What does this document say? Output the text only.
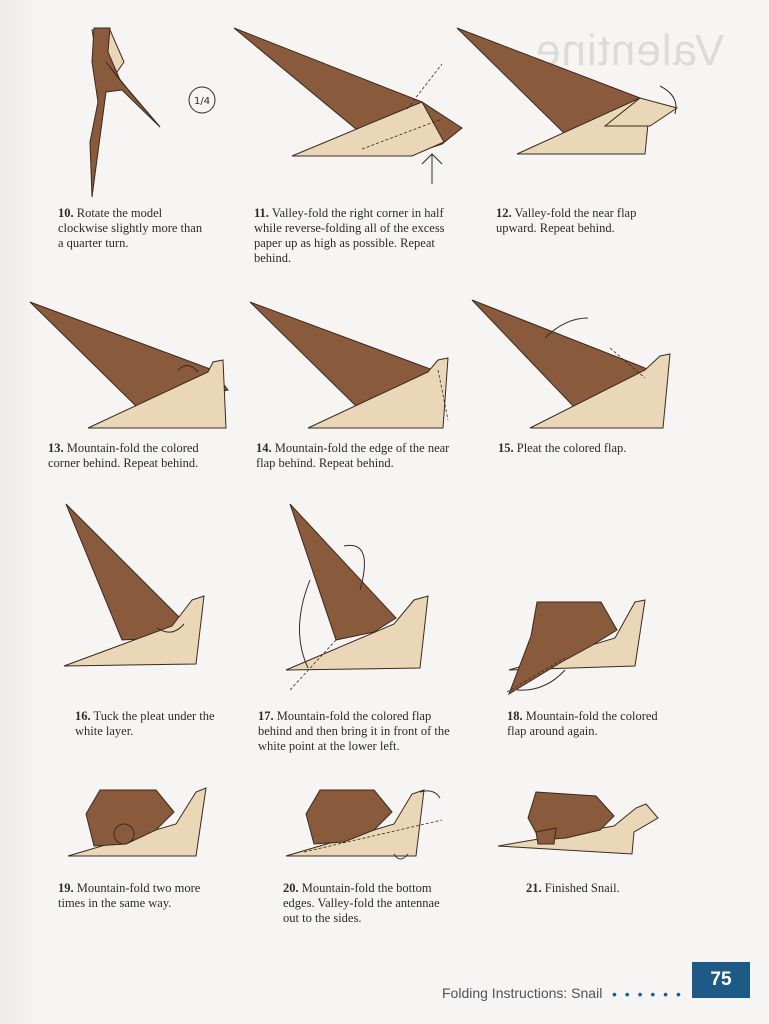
Valentine
1/4
10. Rotate the model clockwise slightly more than a quarter turn.
11. Valley-fold the right corner in half while reverse-folding all of the excess paper up as high as possible. Repeat behind.
12. Valley-fold the near flap upward. Repeat behind.
13. Mountain-fold the colored corner behind. Repeat behind.
14. Mountain-fold the edge of the near flap behind. Repeat behind.
15. Pleat the colored flap.
16. Tuck the pleat under the white layer.
17. Mountain-fold the colored flap behind and then bring it in front of the white point at the lower left.
18. Mountain-fold the colored flap around again.
19. Mountain-fold two more times in the same way.
20. Mountain-fold the bottom edges. Valley-fold the antennae out to the sides.
21. Finished Snail.
Folding Instructions: Snail • • • • • •
75
